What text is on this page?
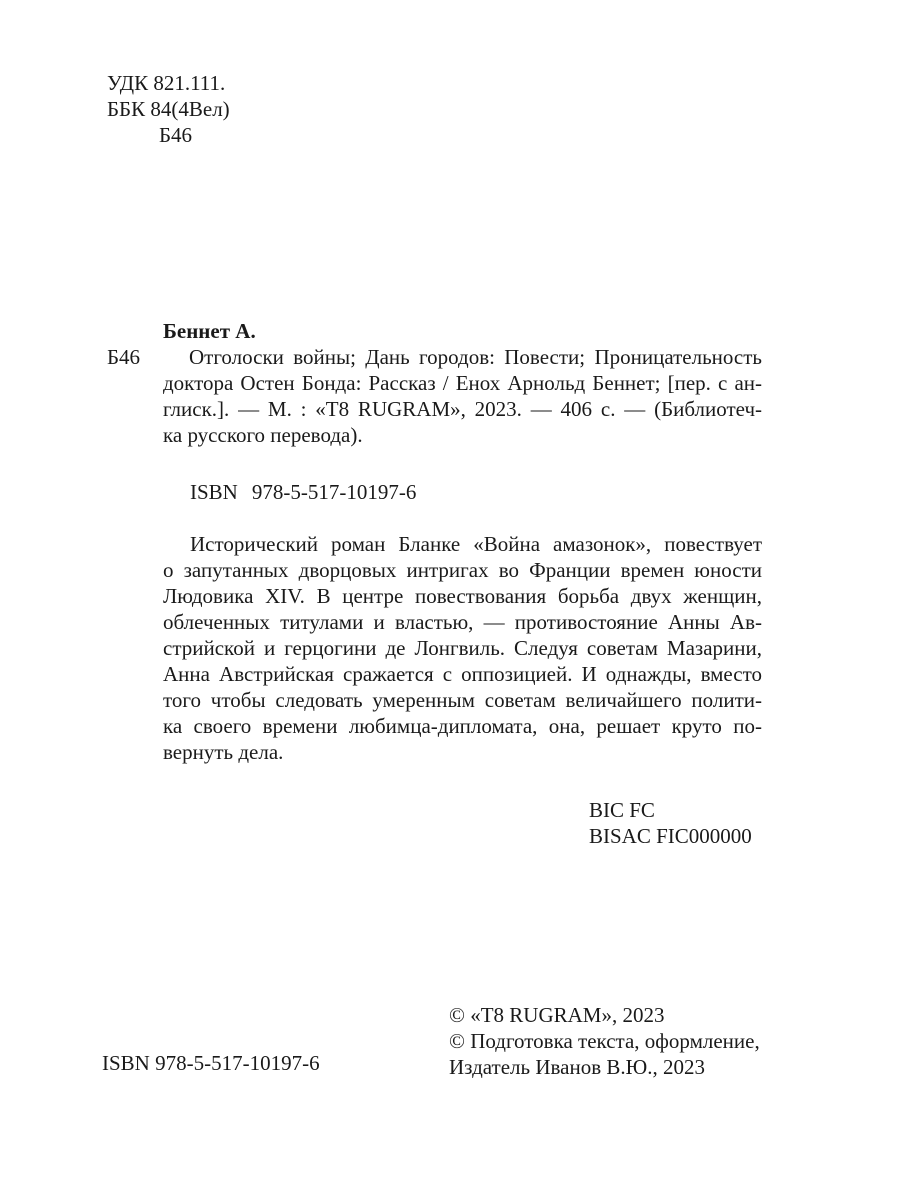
УДК 821.111.
ББК 84(4Вел)
Б46
Беннет А.
Б46	Отголоски войны; Дань городов: Повести; Проницательность
доктора Остен Бонда: Рассказ / Енох Арнольд Беннет; [пер. с ан-
глиск.]. — М. : «T8 RUGRAM», 2023. — 406 с. — (Библиотеч-
ка русского перевода).
ISBN 978-5-517-10197-6
Исторический роман Бланке «Война амазонок», повествует
о запутанных дворцовых интригах во Франции времен юности
Людовика XIV. В центре повествования борьба двух женщин,
облеченных титулами и властью, — противостояние Анны Ав-
стрийской и герцогини де Лонгвиль. Следуя советам Мазарини,
Анна Австрийская сражается с оппозицией. И однажды, вместо
того чтобы следовать умеренным советам величайшего полити-
ка своего времени любимца-дипломата, она, решает круто по-
вернуть дела.
BIC FC
BISAC FIC000000
© «T8 RUGRAM», 2023
© Подготовка текста, оформление,
Издатель Иванов В.Ю., 2023
ISBN 978-5-517-10197-6
